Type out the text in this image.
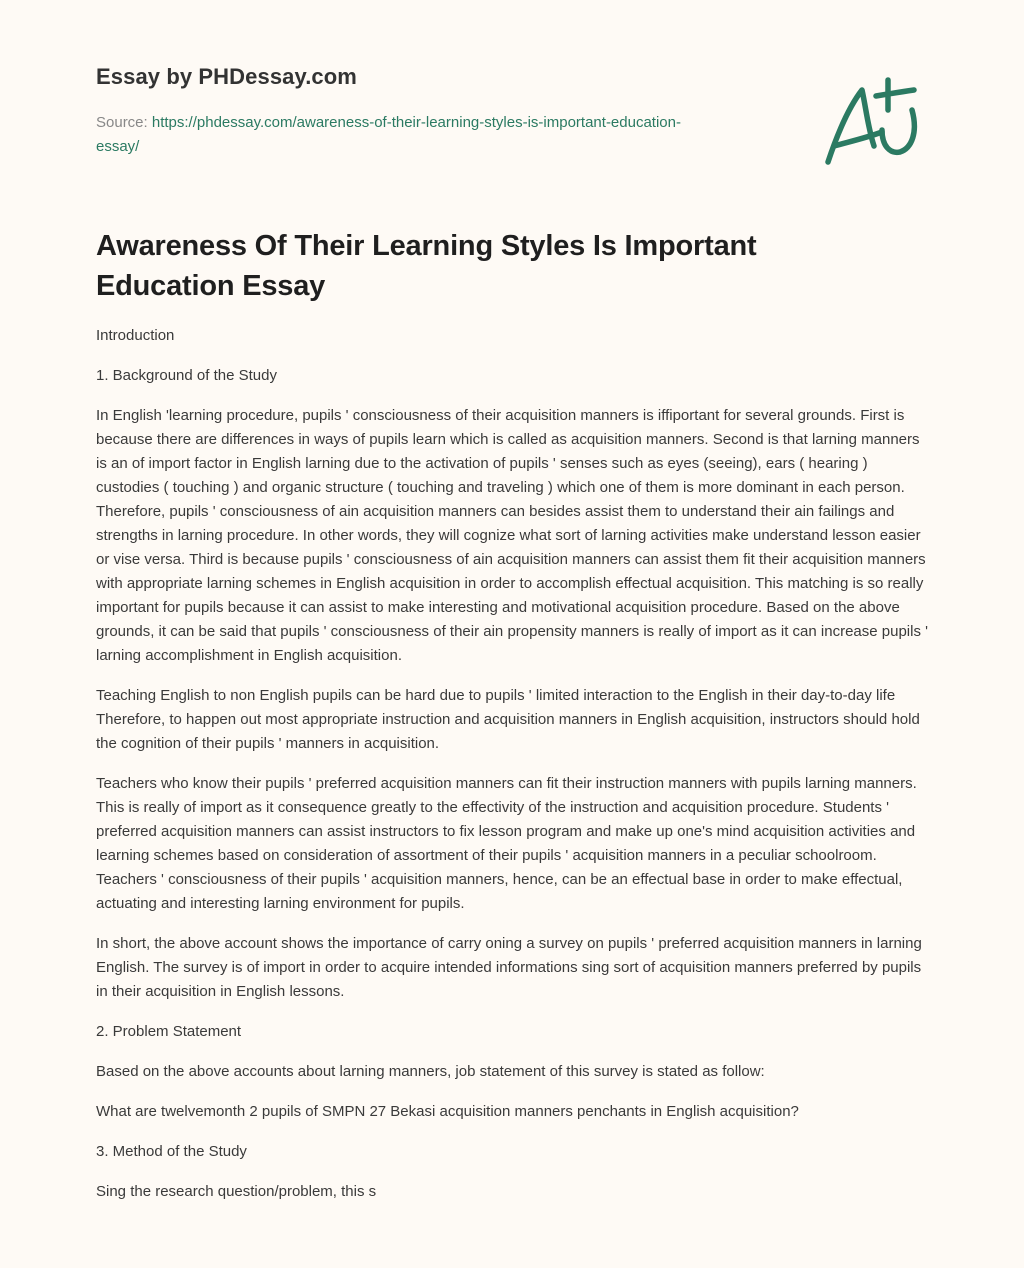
Essay by PHDessay.com
Source: https://phdessay.com/awareness-of-their-learning-styles-is-important-education-essay/
Awareness Of Their Learning Styles Is Important Education Essay

Introduction

1. Background of the Study

In English 'learning procedure, pupils ' consciousness of their acquisition manners is iffiportant for several grounds. First is because there are differences in ways of pupils learn which is called as acquisition manners. Second is that larning manners is an of import factor in English larning due to the activation of pupils ' senses such as eyes (seeing), ears ( hearing ) custodies ( touching ) and organic structure ( touching and traveling ) which one of them is more dominant in each person. Therefore, pupils ' consciousness of ain acquisition manners can besides assist them to understand their ain failings and strengths in larning procedure. In other words, they will cognize what sort of larning activities make understand lesson easier or vise versa. Third is because pupils ' consciousness of ain acquisition manners can assist them fit their acquisition manners with appropriate larning schemes in English acquisition in order to accomplish effectual acquisition. This matching is so really important for pupils because it can assist to make interesting and motivational acquisition procedure. Based on the above grounds, it can be said that pupils ' consciousness of their ain propensity manners is really of import as it can increase pupils ' larning accomplishment in English acquisition.

Teaching English to non English pupils can be hard due to pupils ' limited interaction to the English in their day-to-day life Therefore, to happen out most appropriate instruction and acquisition manners in English acquisition, instructors should hold the cognition of their pupils ' manners in acquisition.

Teachers who know their pupils ' preferred acquisition manners can fit their instruction manners with pupils larning manners. This is really of import as it consequence greatly to the effectivity of the instruction and acquisition procedure. Students ' preferred acquisition manners can assist instructors to fix lesson program and make up one's mind acquisition activities and learning schemes based on consideration of assortment of their pupils ' acquisition manners in a peculiar schoolroom. Teachers ' consciousness of their pupils ' acquisition manners, hence, can be an effectual base in order to make effectual, actuating and interesting larning environment for pupils.

In short, the above account shows the importance of carry oning a survey on pupils ' preferred acquisition manners in larning English. The survey is of import in order to acquire intended informations sing sort of acquisition manners preferred by pupils in their acquisition in English lessons.

2. Problem Statement

Based on the above accounts about larning manners, job statement of this survey is stated as follow:

What are twelvemonth 2 pupils of SMPN 27 Bekasi acquisition manners penchants in English acquisition?

3. Method of the Study

Sing the research question/problem, this s
